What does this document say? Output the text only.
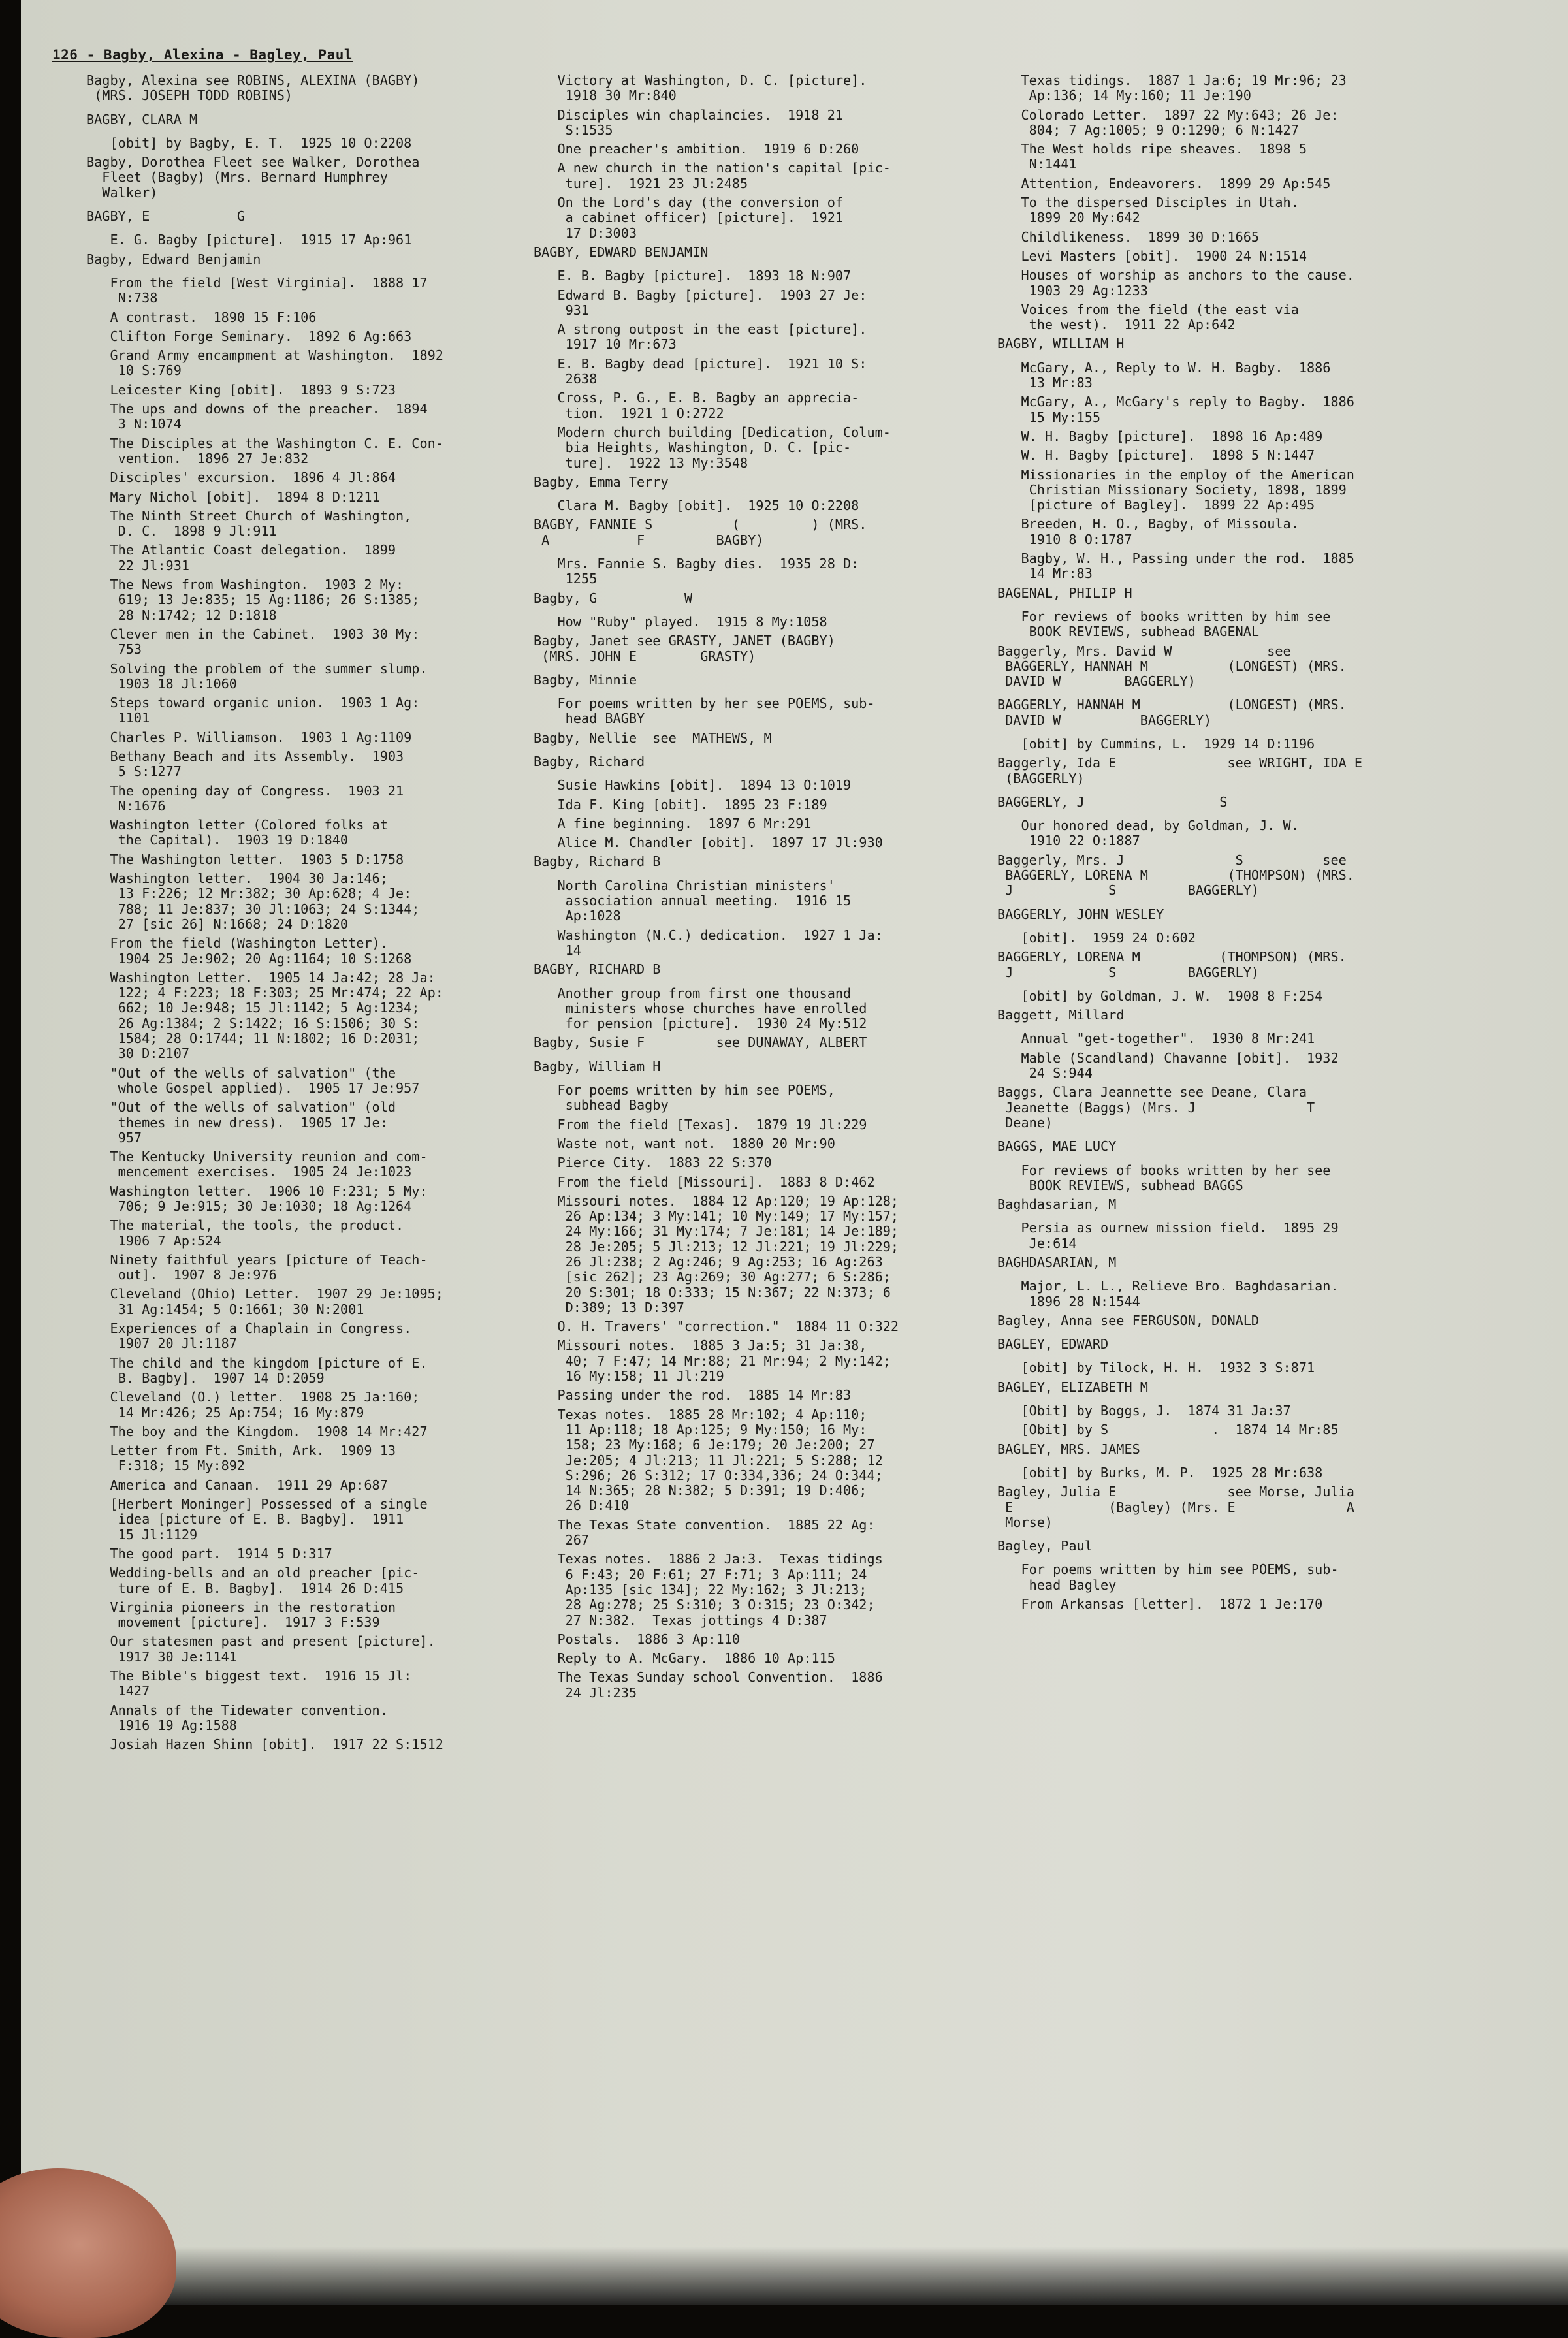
126 - Bagby, Alexina - Bagley, Paul
Bagby, Alexina see ROBINS, ALEXINA (BAGBY)
(MRS. JOSEPH TODD ROBINS)
BAGBY, CLARA M
[obit] by Bagby, E. T.  1925 10 O:2208
Bagby, Dorothea Fleet see Walker, Dorothea
Fleet (Bagby) (Mrs. Bernard Humphrey
Walker)
BAGBY, E           G
E. G. Bagby [picture].  1915 17 Ap:961
Bagby, Edward Benjamin
From the field [West Virginia].  1888 17
N:738
A contrast.  1890 15 F:106
Clifton Forge Seminary.  1892 6 Ag:663
Grand Army encampment at Washington.  1892
10 S:769
Leicester King [obit].  1893 9 S:723
The ups and downs of the preacher.  1894
3 N:1074
The Disciples at the Washington C. E. Con-
vention.  1896 27 Je:832
Disciples' excursion.  1896 4 Jl:864
Mary Nichol [obit].  1894 8 D:1211
The Ninth Street Church of Washington,
D. C.  1898 9 Jl:911
The Atlantic Coast delegation.  1899
22 Jl:931
The News from Washington.  1903 2 My:
619; 13 Je:835; 15 Ag:1186; 26 S:1385;
28 N:1742; 12 D:1818
Clever men in the Cabinet.  1903 30 My:
753
Solving the problem of the summer slump.
1903 18 Jl:1060
Steps toward organic union.  1903 1 Ag:
1101
Charles P. Williamson.  1903 1 Ag:1109
Bethany Beach and its Assembly.  1903
5 S:1277
The opening day of Congress.  1903 21
N:1676
Washington letter (Colored folks at
the Capital).  1903 19 D:1840
The Washington letter.  1903 5 D:1758
Washington letter.  1904 30 Ja:146;
13 F:226; 12 Mr:382; 30 Ap:628; 4 Je:
788; 11 Je:837; 30 Jl:1063; 24 S:1344;
27 [sic 26] N:1668; 24 D:1820
From the field (Washington Letter).
1904 25 Je:902; 20 Ag:1164; 10 S:1268
Washington Letter.  1905 14 Ja:42; 28 Ja:
122; 4 F:223; 18 F:303; 25 Mr:474; 22 Ap:
662; 10 Je:948; 15 Jl:1142; 5 Ag:1234;
26 Ag:1384; 2 S:1422; 16 S:1506; 30 S:
1584; 28 O:1744; 11 N:1802; 16 D:2031;
30 D:2107
"Out of the wells of salvation" (the
whole Gospel applied).  1905 17 Je:957
"Out of the wells of salvation" (old
themes in new dress).  1905 17 Je:
957
The Kentucky University reunion and com-
mencement exercises.  1905 24 Je:1023
Washington letter.  1906 10 F:231; 5 My:
706; 9 Je:915; 30 Je:1030; 18 Ag:1264
The material, the tools, the product.
1906 7 Ap:524
Ninety faithful years [picture of Teach-
out].  1907 8 Je:976
Cleveland (Ohio) Letter.  1907 29 Je:1095;
31 Ag:1454; 5 O:1661; 30 N:2001
Experiences of a Chaplain in Congress.
1907 20 Jl:1187
The child and the kingdom [picture of E.
B. Bagby].  1907 14 D:2059
Cleveland (O.) letter.  1908 25 Ja:160;
14 Mr:426; 25 Ap:754; 16 My:879
The boy and the Kingdom.  1908 14 Mr:427
Letter from Ft. Smith, Ark.  1909 13
F:318; 15 My:892
America and Canaan.  1911 29 Ap:687
[Herbert Moninger] Possessed of a single
idea [picture of E. B. Bagby].  1911
15 Jl:1129
The good part.  1914 5 D:317
Wedding-bells and an old preacher [pic-
ture of E. B. Bagby].  1914 26 D:415
Virginia pioneers in the restoration
movement [picture].  1917 3 F:539
Our statesmen past and present [picture].
1917 30 Je:1141
The Bible's biggest text.  1916 15 Jl:
1427
Annals of the Tidewater convention.
1916 19 Ag:1588
Josiah Hazen Shinn [obit].  1917 22 S:1512
Victory at Washington, D. C. [picture].
1918 30 Mr:840
Disciples win chaplaincies.  1918 21
S:1535
One preacher's ambition.  1919 6 D:260
A new church in the nation's capital [pic-
ture].  1921 23 Jl:2485
On the Lord's day (the conversion of
a cabinet officer) [picture].  1921
17 D:3003
BAGBY, EDWARD BENJAMIN
E. B. Bagby [picture].  1893 18 N:907
Edward B. Bagby [picture].  1903 27 Je:
931
A strong outpost in the east [picture].
1917 10 Mr:673
E. B. Bagby dead [picture].  1921 10 S:
2638
Cross, P. G., E. B. Bagby an apprecia-
tion.  1921 1 O:2722
Modern church building [Dedication, Colum-
bia Heights, Washington, D. C. [pic-
ture].  1922 13 My:3548
Bagby, Emma Terry
Clara M. Bagby [obit].  1925 10 O:2208
BAGBY, FANNIE S          (         ) (MRS.
A           F         BAGBY)
Mrs. Fannie S. Bagby dies.  1935 28 D:
1255
Bagby, G           W
How "Ruby" played.  1915 8 My:1058
Bagby, Janet see GRASTY, JANET (BAGBY)
(MRS. JOHN E        GRASTY)
Bagby, Minnie
For poems written by her see POEMS, sub-
head BAGBY
Bagby, Nellie  see  MATHEWS, M
Bagby, Richard
Susie Hawkins [obit].  1894 13 O:1019
Ida F. King [obit].  1895 23 F:189
A fine beginning.  1897 6 Mr:291
Alice M. Chandler [obit].  1897 17 Jl:930
Bagby, Richard B
North Carolina Christian ministers'
association annual meeting.  1916 15
Ap:1028
Washington (N.C.) dedication.  1927 1 Ja:
14
BAGBY, RICHARD B
Another group from first one thousand
ministers whose churches have enrolled
for pension [picture].  1930 24 My:512
Bagby, Susie F         see DUNAWAY, ALBERT
Bagby, William H
For poems written by him see POEMS,
subhead Bagby
From the field [Texas].  1879 19 Jl:229
Waste not, want not.  1880 20 Mr:90
Pierce City.  1883 22 S:370
From the field [Missouri].  1883 8 D:462
Missouri notes.  1884 12 Ap:120; 19 Ap:128;
26 Ap:134; 3 My:141; 10 My:149; 17 My:157;
24 My:166; 31 My:174; 7 Je:181; 14 Je:189;
28 Je:205; 5 Jl:213; 12 Jl:221; 19 Jl:229;
26 Jl:238; 2 Ag:246; 9 Ag:253; 16 Ag:263
[sic 262]; 23 Ag:269; 30 Ag:277; 6 S:286;
20 S:301; 18 O:333; 15 N:367; 22 N:373; 6
D:389; 13 D:397
O. H. Travers' "correction."  1884 11 O:322
Missouri notes.  1885 3 Ja:5; 31 Ja:38,
40; 7 F:47; 14 Mr:88; 21 Mr:94; 2 My:142;
16 My:158; 11 Jl:219
Passing under the rod.  1885 14 Mr:83
Texas notes.  1885 28 Mr:102; 4 Ap:110;
11 Ap:118; 18 Ap:125; 9 My:150; 16 My:
158; 23 My:168; 6 Je:179; 20 Je:200; 27
Je:205; 4 Jl:213; 11 Jl:221; 5 S:288; 12
S:296; 26 S:312; 17 O:334,336; 24 O:344;
14 N:365; 28 N:382; 5 D:391; 19 D:406;
26 D:410
The Texas State convention.  1885 22 Ag:
267
Texas notes.  1886 2 Ja:3.  Texas tidings
6 F:43; 20 F:61; 27 F:71; 3 Ap:111; 24
Ap:135 [sic 134]; 22 My:162; 3 Jl:213;
28 Ag:278; 25 S:310; 3 O:315; 23 O:342;
27 N:382.  Texas jottings 4 D:387
Postals.  1886 3 Ap:110
Reply to A. McGary.  1886 10 Ap:115
The Texas Sunday school Convention.  1886
24 Jl:235
Texas tidings.  1887 1 Ja:6; 19 Mr:96; 23
Ap:136; 14 My:160; 11 Je:190
Colorado Letter.  1897 22 My:643; 26 Je:
804; 7 Ag:1005; 9 O:1290; 6 N:1427
The West holds ripe sheaves.  1898 5
N:1441
Attention, Endeavorers.  1899 29 Ap:545
To the dispersed Disciples in Utah.
1899 20 My:642
Childlikeness.  1899 30 D:1665
Levi Masters [obit].  1900 24 N:1514
Houses of worship as anchors to the cause.
1903 29 Ag:1233
Voices from the field (the east via
the west).  1911 22 Ap:642
BAGBY, WILLIAM H
McGary, A., Reply to W. H. Bagby.  1886
13 Mr:83
McGary, A., McGary's reply to Bagby.  1886
15 My:155
W. H. Bagby [picture].  1898 16 Ap:489
W. H. Bagby [picture].  1898 5 N:1447
Missionaries in the employ of the American
Christian Missionary Society, 1898, 1899
[picture of Bagley].  1899 22 Ap:495
Breeden, H. O., Bagby, of Missoula.
1910 8 O:1787
Bagby, W. H., Passing under the rod.  1885
14 Mr:83
BAGENAL, PHILIP H
For reviews of books written by him see
BOOK REVIEWS, subhead BAGENAL
Baggerly, Mrs. David W            see
BAGGERLY, HANNAH M          (LONGEST) (MRS.
DAVID W        BAGGERLY)
BAGGERLY, HANNAH M           (LONGEST) (MRS.
DAVID W          BAGGERLY)
[obit] by Cummins, L.  1929 14 D:1196
Baggerly, Ida E              see WRIGHT, IDA E
(BAGGERLY)
BAGGERLY, J                 S
Our honored dead, by Goldman, J. W.
1910 22 O:1887
Baggerly, Mrs. J              S          see
BAGGERLY, LORENA M          (THOMPSON) (MRS.
J            S         BAGGERLY)
BAGGERLY, JOHN WESLEY
[obit].  1959 24 O:602
BAGGERLY, LORENA M          (THOMPSON) (MRS.
J            S         BAGGERLY)
[obit] by Goldman, J. W.  1908 8 F:254
Baggett, Millard
Annual "get-together".  1930 8 Mr:241
Mable (Scandland) Chavanne [obit].  1932
24 S:944
Baggs, Clara Jeannette see Deane, Clara
Jeanette (Baggs) (Mrs. J              T
Deane)
BAGGS, MAE LUCY
For reviews of books written by her see
BOOK REVIEWS, subhead BAGGS
Baghdasarian, M
Persia as ournew mission field.  1895 29
Je:614
BAGHDASARIAN, M
Major, L. L., Relieve Bro. Baghdasarian.
1896 28 N:1544
Bagley, Anna see FERGUSON, DONALD
BAGLEY, EDWARD
[obit] by Tilock, H. H.  1932 3 S:871
BAGLEY, ELIZABETH M
[Obit] by Boggs, J.  1874 31 Ja:37
[Obit] by S             .  1874 14 Mr:85
BAGLEY, MRS. JAMES
[obit] by Burks, M. P.  1925 28 Mr:638
Bagley, Julia E              see Morse, Julia
E            (Bagley) (Mrs. E              A
Morse)
Bagley, Paul
For poems written by him see POEMS, sub-
head Bagley
From Arkansas [letter].  1872 1 Je:170
